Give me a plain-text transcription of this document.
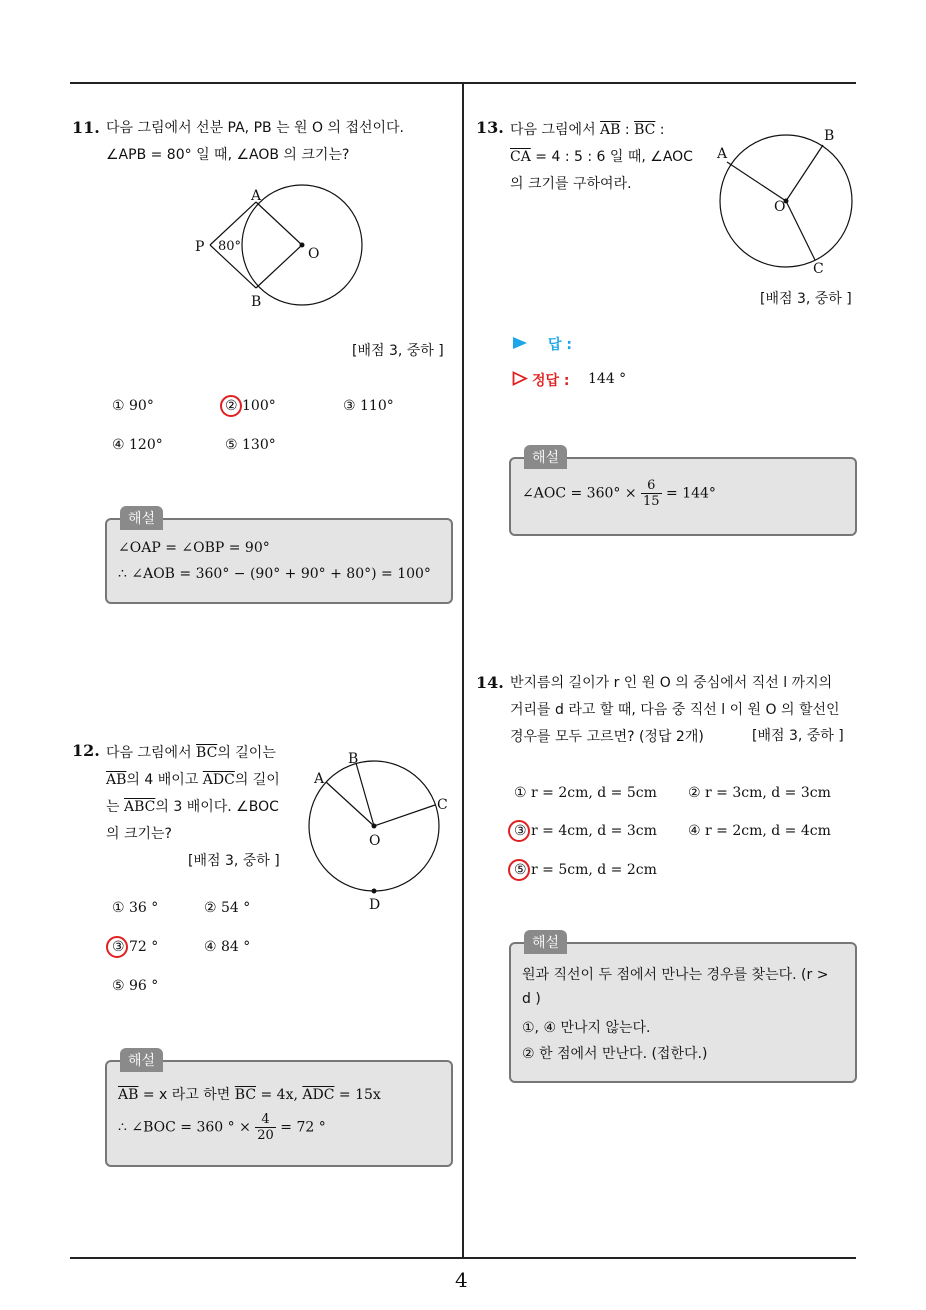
11. 다음 그림에서 선분 PA, PB 는 원 O 의 접선이다.
∠APB = 80° 일 때, ∠AOB 의 크기는?
A
B
P	O
80°
[배점 3, 중하 ]
① 90°	② 100°	③ 110°
④ 120°	⑤ 130°
해설
∠OAP = ∠OBP = 90°
∴ ∠AOB = 360° − (90° + 90° + 80°) = 100°
12. 다음 그림에서 $\overline{BC}$의 길이는
$\overline{AB}$의 4 배이고 $\overline{ADC}$의 길이
는 $\overline{ABC}$의 3 배이다. ∠BOC
의 크기는?
[배점 3, 중하 ]
A
B
C
O
D
① 36 °	② 54 °
③ 72 °	④ 84 °
⑤ 96 °
해설
$\overline{AB} = x$ 라고 하면 $\overline{BC} = 4x$, $\overline{ADC} = 15x$
∴ ∠BOC = 360 ° × $\frac{4}{20} = 72$ °
13. 다음 그림에서 $\overline{AB}$ : $\overline{BC}$ :
$\overline{CA} = 4$ : 5 : 6 일 때, ∠AOC
의 크기를 구하여라.
A
B
C
O
[배점 3, 중하 ]
답 :
정답 : 144 °
해설
∠AOC = $360^\circ \times \frac{6}{15} = 144^\circ$
14. 반지름의 길이가 r 인 원 O 의 중심에서 직선 l 까지의
거리를 d 라고 할 때, 다음 중 직선 l 이 원 O 의 할선인
경우를 모두 고르면? (정답 2개)	[배점 3, 중하 ]
① r = 2cm, d = 5cm ② r = 3cm, d = 3cm
③ r = 4cm, d = 3cm ④ r = 2cm, d = 4cm
⑤ r = 5cm, d = 2cm
해설
원과 직선이 두 점에서 만나는 경우를 찾는다. (r >
d )
①, ④ 만나지 않는다.
② 한 점에서 만난다. (접한다.)
4
